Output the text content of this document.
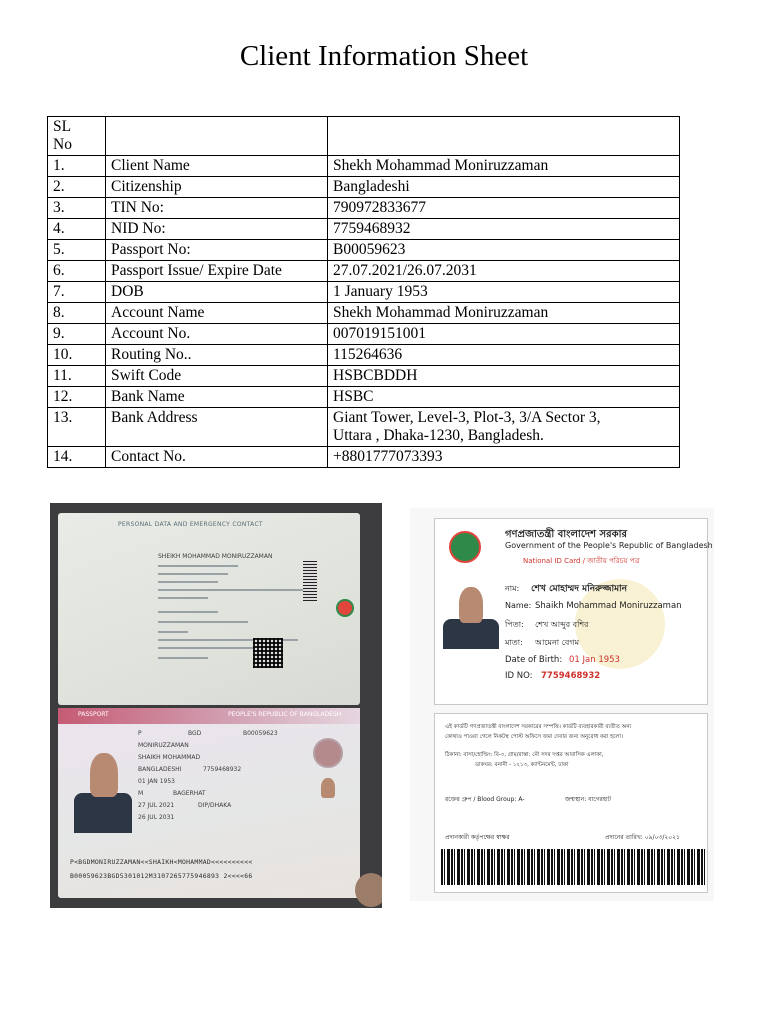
Client Information Sheet
SL
No		
1.	Client Name	Shekh Mohammad Moniruzzaman
2.	Citizenship	Bangladeshi
3.	TIN No:	790972833677
4.	NID No:	7759468932
5.	Passport No:	B00059623
6.	Passport Issue/ Expire Date	27.07.2021/26.07.2031
7.	DOB	1 January 1953
8.	Account Name	Shekh Mohammad Moniruzzaman
9.	Account No.	007019151001
10.	Routing No..	115264636
11.	Swift Code	HSBCBDDH
12.	Bank Name	HSBC
13.	Bank Address	Giant Tower, Level-3, Plot-3, 3/A Sector 3,
Uttara , Dhaka-1230, Bangladesh.
14.	Contact No.	+8801777073393
PERSONAL DATA AND EMERGENCY CONTACT
SHEIKH MOHAMMAD MONIRUZZAMAN
PASSPORT	PEOPLE'S REPUBLIC OF BANGLADESH
P	BGD	B00059623
MONIRUZZAMAN
SHAIKH MOHAMMAD
BANGLADESHI	7759468932
01 JAN 1953
M	BAGERHAT
27 JUL 2021	DIP/DHAKA
26 JUL 2031
P<BGDMONIRUZZAMAN<<SHAIKH<MOHAMMAD<<<<<<<<<<
B00059623BGD5301012M3107265775946893 2<<<<66
গণপ্রজাতন্ত্রী বাংলাদেশ সরকার
Government of the People's Republic of Bangladesh
National ID Card / জাতীয় পরিচয় পত্র
নাম: শেখ মোহাম্মদ মনিরুজ্জামান
Name: Shaikh Mohammad Moniruzzaman
পিতা: শেখ আব্দুর বশির
মাতা: আমেনা বেগম
Date of Birth: 01 Jan 1953
ID NO: 7759468932
এই কার্ডটি গণপ্রজাতন্ত্রী বাংলাদেশ সরকারের সম্পত্তি। কার্ডটি ব্যবহারকারী ব্যতীত অন্য
কোথাও পাওয়া গেলে নিকটস্থ পোস্ট অফিসে জমা দেবার জন্য অনুরোধ করা হলো।
ঠিকানা: বাসা/হোল্ডিং: বি-৩, গ্রাম/রাস্তা: নৌ সদর দপ্তর আবাসিক এলাকা,
ডাকঘর: বনানী - ১২১৩, ক্যান্টনমেন্ট, ঢাকা
রক্তের গ্রুপ / Blood Group: A-	জন্মস্থান: বাগেরহাট
প্রদানকারী কর্তৃপক্ষের স্বাক্ষর	প্রদানের তারিখ: ০৯/০৩/২০২১
